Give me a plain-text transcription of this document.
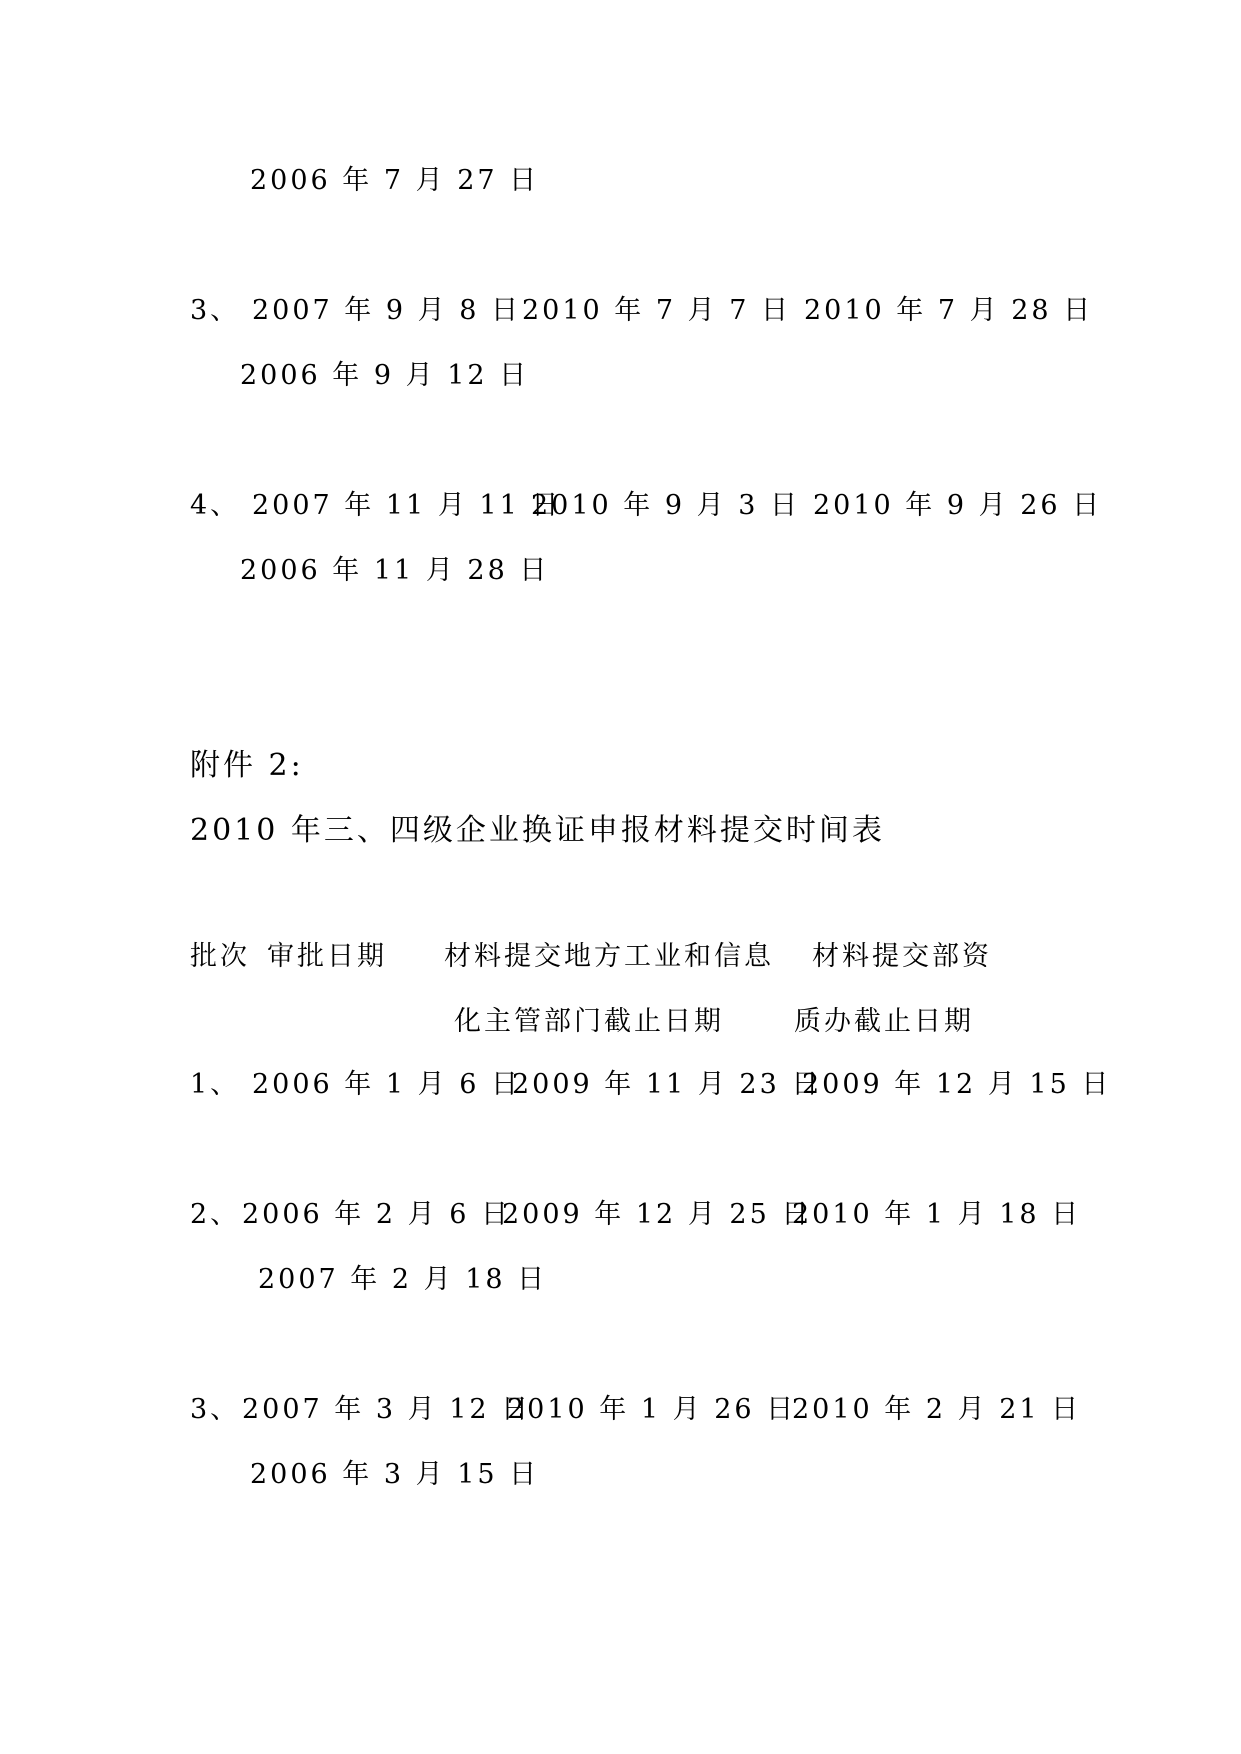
2006 年 7 月 27 日
3、 2007 年 9 月 8 日 2010 年 7 月 7 日 2010 年 7 月 28 日
2006 年 9 月 12 日
4、 2007 年 11 月 11 日
2010 年 9 月 3 日 2010 年 9 月 26 日
2006 年 11 月 28 日
附件 2:
2010 年三、四级企业换证申报材料提交时间表
批次 审批日期 材料提交地方工业和信息 材料提交部资
化主管部门截止日期	质办截止日期
1、 2006 年 1 月 6 日
2009 年 11 月 23 日
2009 年 12 月 15 日
2、 2006 年 2 月 6 日
2009 年 12 月 25 日
2010 年 1 月 18 日
2007 年 2 月 18 日
3、 2007 年 3 月 12 日
2010 年 1 月 26 日
2010 年 2 月 21 日
2006 年 3 月 15 日
